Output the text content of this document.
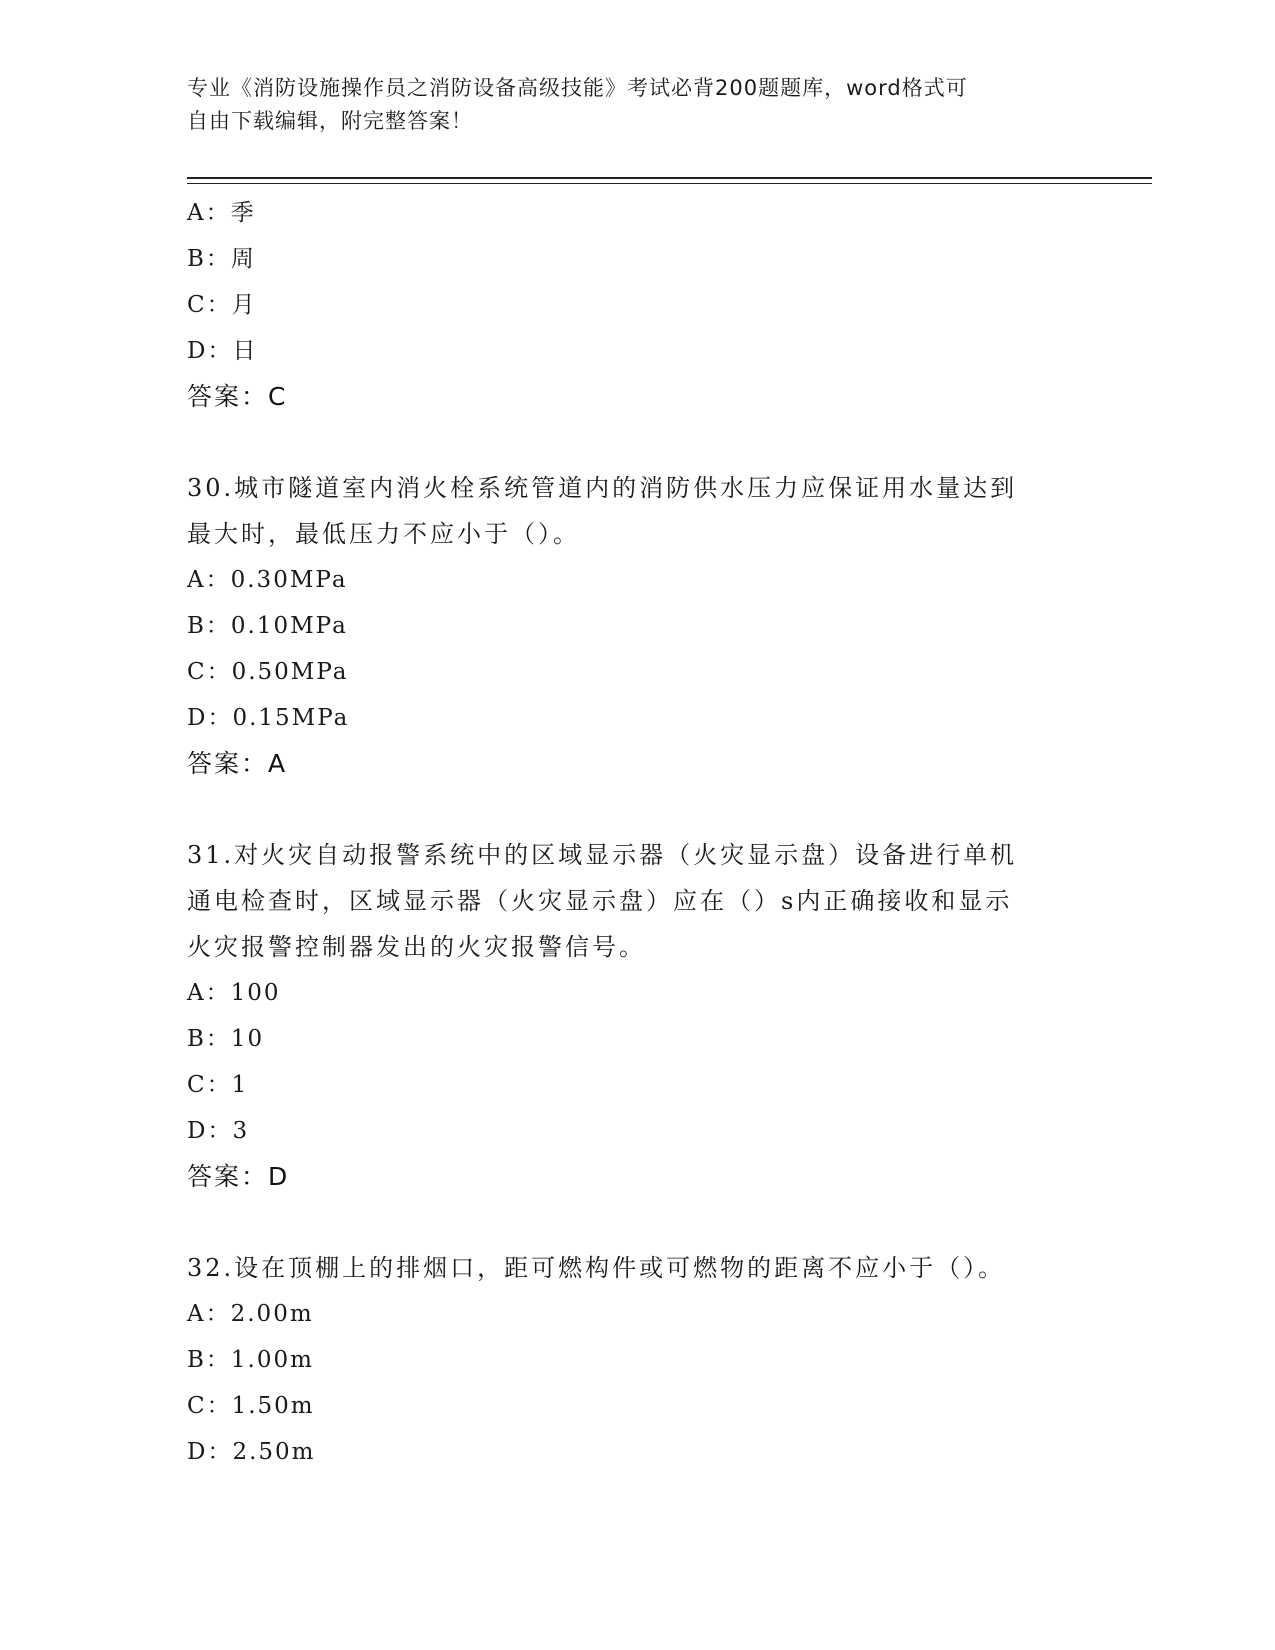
专业《消防设施操作员之消防设备高级技能》考试必背200题题库，word格式可
自由下载编辑，附完整答案！
A：季
B：周
C：月
D：日
答案：C
30.城市隧道室内消火栓系统管道内的消防供水压力应保证用水量达到
最大时，最低压力不应小于（）。
A：0.30MPa
B：0.10MPa
C：0.50MPa
D：0.15MPa
答案：A
31.对火灾自动报警系统中的区域显示器（火灾显示盘）设备进行单机
通电检查时，区域显示器（火灾显示盘）应在（）s内正确接收和显示
火灾报警控制器发出的火灾报警信号。
A：100
B：10
C：1
D：3
答案：D
32.设在顶棚上的排烟口，距可燃构件或可燃物的距离不应小于（）。
A：2.00m
B：1.00m
C：1.50m
D：2.50m
